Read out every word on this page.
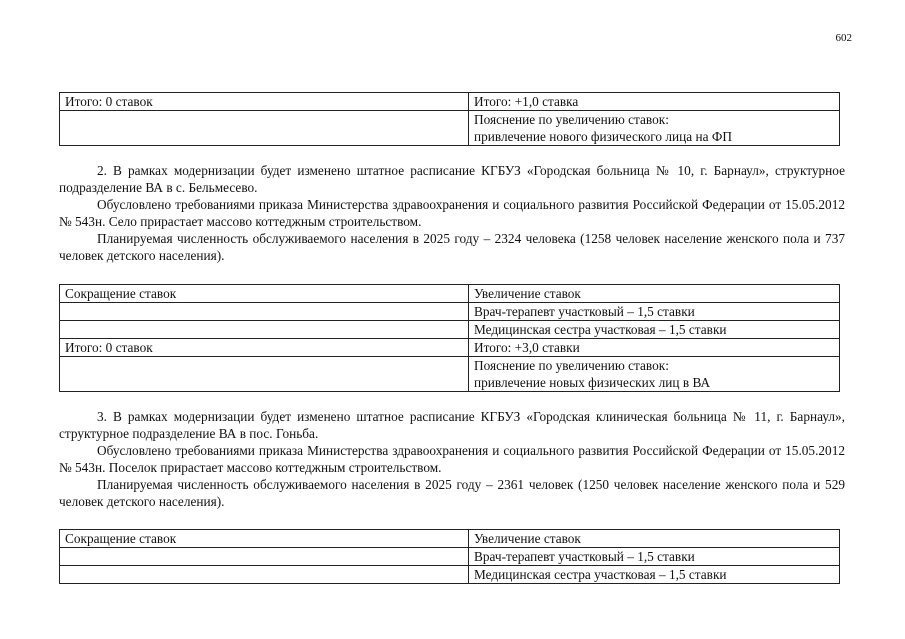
602
Итого: 0 ставок	Итого: +1,0 ставка

	Пояснение по увеличению ставок:
привлечение нового физического лица на ФП

2. В рамках модернизации будет изменено штатное расписание КГБУЗ «Городская больница № 10, г. Барнаул», структурное подразделение ВА в с. Бельмесево.

Обусловлено требованиями приказа Министерства здравоохранения и социального развития Российской Федерации от 15.05.2012 № 543н. Село прирастает массово коттеджным строительством.

Планируемая численность обслуживаемого населения в 2025 году – 2324 человека (1258 человек население женского пола и 737 человек детского населения).

Сокращение ставок	Увеличение ставок

	Врач-терапевт участковый – 1,5 ставки

	Медицинская сестра участковая – 1,5 ставки

Итого: 0 ставок	Итого: +3,0 ставки

	Пояснение по увеличению ставок:
привлечение новых физических лиц в ВА

3. В рамках модернизации будет изменено штатное расписание КГБУЗ «Городская клиническая больница № 11, г. Барнаул», структурное подразделение ВА в пос. Гоньба.

Обусловлено требованиями приказа Министерства здравоохранения и социального развития Российской Федерации от 15.05.2012 № 543н. Поселок прирастает массово коттеджным строительством.

Планируемая численность обслуживаемого населения в 2025 году – 2361 человек (1250 человек население женского пола и 529 человек детского населения).

Сокращение ставок	Увеличение ставок

	Врач-терапевт участковый – 1,5 ставки

	Медицинская сестра участковая – 1,5 ставки
